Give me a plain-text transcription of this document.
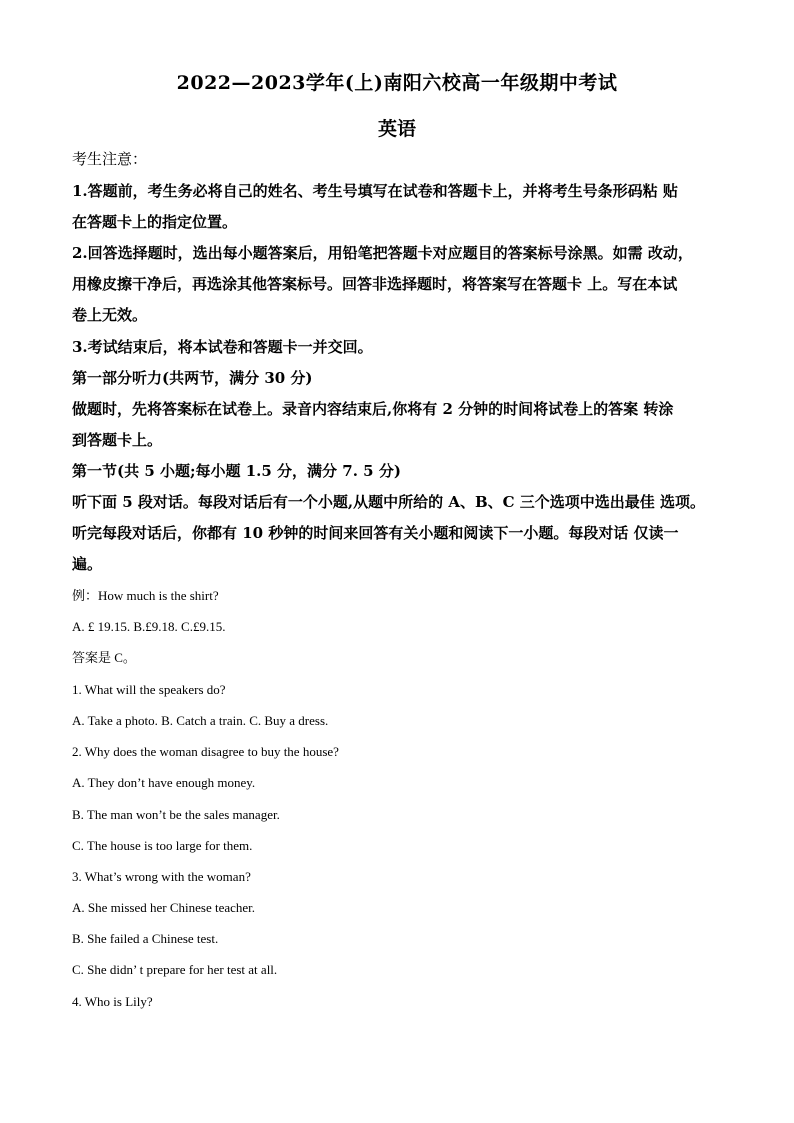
2022—2023学年(上)南阳六校高一年级期中考试
英语
考生注意：
1.答题前，考生务必将自己的姓名、考生号填写在试卷和答题卡上，并将考生号条形码粘 贴
在答题卡上的指定位置。
2.回答选择题时，选出每小题答案后，用铅笔把答题卡对应题目的答案标号涂黑。如需 改动，
用橡皮擦干净后，再选涂其他答案标号。回答非选择题时，将答案写在答题卡 上。写在本试
卷上无效。
3.考试结束后，将本试卷和答题卡一并交回。
第一部分听力(共两节，满分 30 分)
做题时，先将答案标在试卷上。录音内容结束后,你将有 2 分钟的时间将试卷上的答案 转涂
到答题卡上。
第一节(共 5 小题;每小题 1.5 分，满分 7. 5 分)
听下面 5 段对话。每段对话后有一个小题,从题中所给的 A、B、C 三个选项中选出最佳 选项。
听完每段对话后，你都有 10 秒钟的时间来回答有关小题和阅读下一小题。每段对话 仅读一
遍。
例：How much is the shirt?
A. £ 19.15. B.£9.18. C.£9.15.
答案是 C。
1. What will the speakers do?
A. Take a photo. B. Catch a train. C. Buy a dress.
2. Why does the woman disagree to buy the house?
A. They don’t have enough money.
B. The man won’t be the sales manager.
C. The house is too large for them.
3. What’s wrong with the woman?
A. She missed her Chinese teacher.
B. She failed a Chinese test.
C. She didn’ t prepare for her test at all.
4. Who is Lily?
